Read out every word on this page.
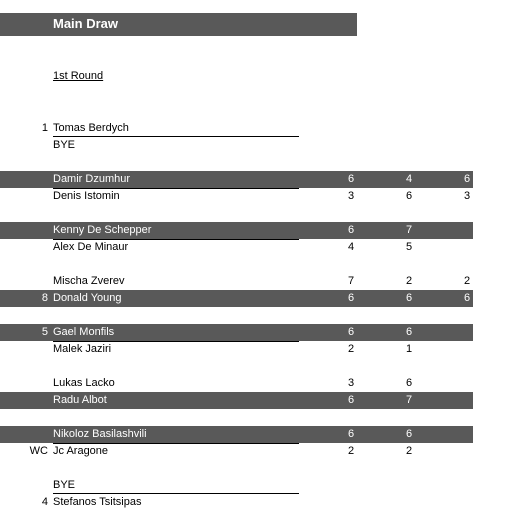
Main Draw
1st Round
1 Tomas Berdych
BYE
Damir Dzumhur	6	4	6
Denis Istomin	3	6	3
Kenny De Schepper	6	7
Alex De Minaur	4	5
Mischa Zverev	7	2	2
8 Donald Young	6	6	6
5 Gael Monfils	6	6
Malek Jaziri	2	1
Lukas Lacko	3	6
Radu Albot	6	7
Nikoloz Basilashvili	6	6
WC Jc Aragone	2	2
BYE
4 Stefanos Tsitsipas
